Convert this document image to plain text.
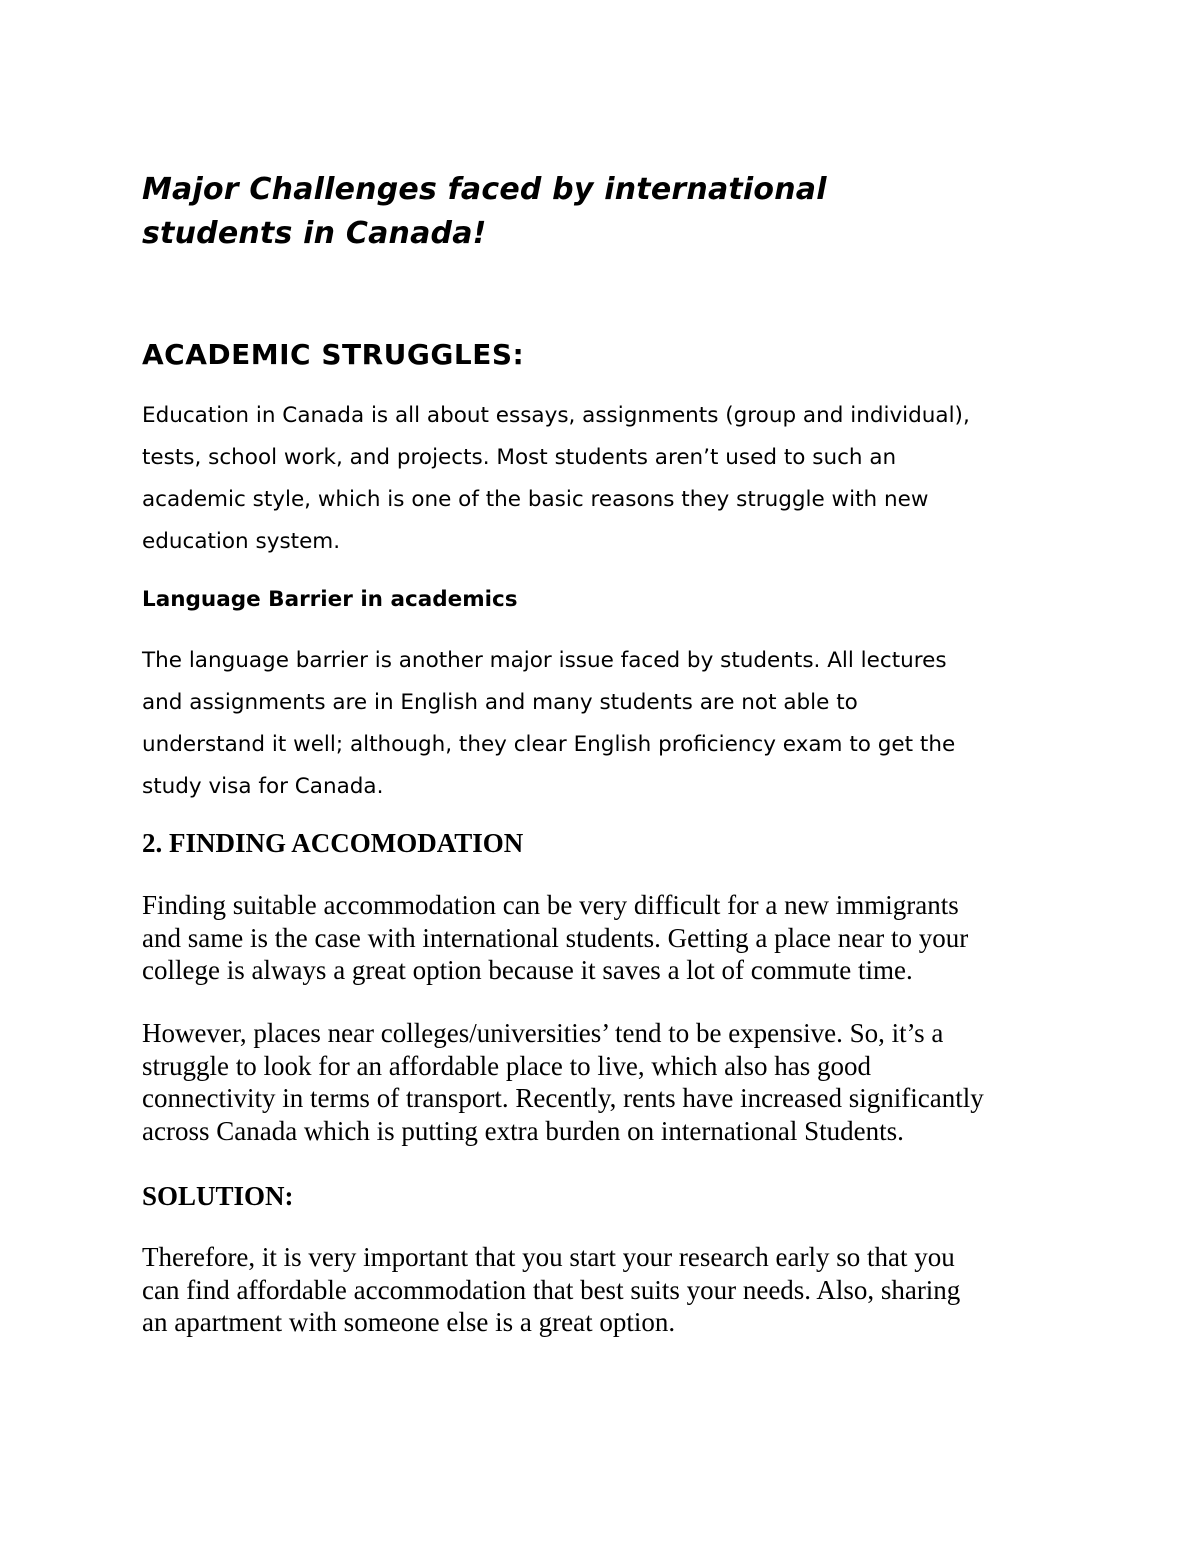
Major Challenges faced by international
students in Canada!
ACADEMIC STRUGGLES:

Education in Canada is all about essays, assignments (group and individual),
tests, school work, and projects. Most students aren’t used to such an
academic style, which is one of the basic reasons they struggle with new
education system.

Language Barrier in academics

The language barrier is another major issue faced by students. All lectures
and assignments are in English and many students are not able to
understand it well; although, they clear English proficiency exam to get the
study visa for Canada.

2. FINDING ACCOMODATION

Finding suitable accommodation can be very difficult for a new immigrants
and same is the case with international students. Getting a place near to your
college is always a great option because it saves a lot of commute time.

However, places near colleges/universities’ tend to be expensive. So, it’s a
struggle to look for an affordable place to live, which also has good
connectivity in terms of transport. Recently, rents have increased significantly
across Canada which is putting extra burden on international Students.

SOLUTION:

Therefore, it is very important that you start your research early so that you
can find affordable accommodation that best suits your needs. Also, sharing
an apartment with someone else is a great option.
